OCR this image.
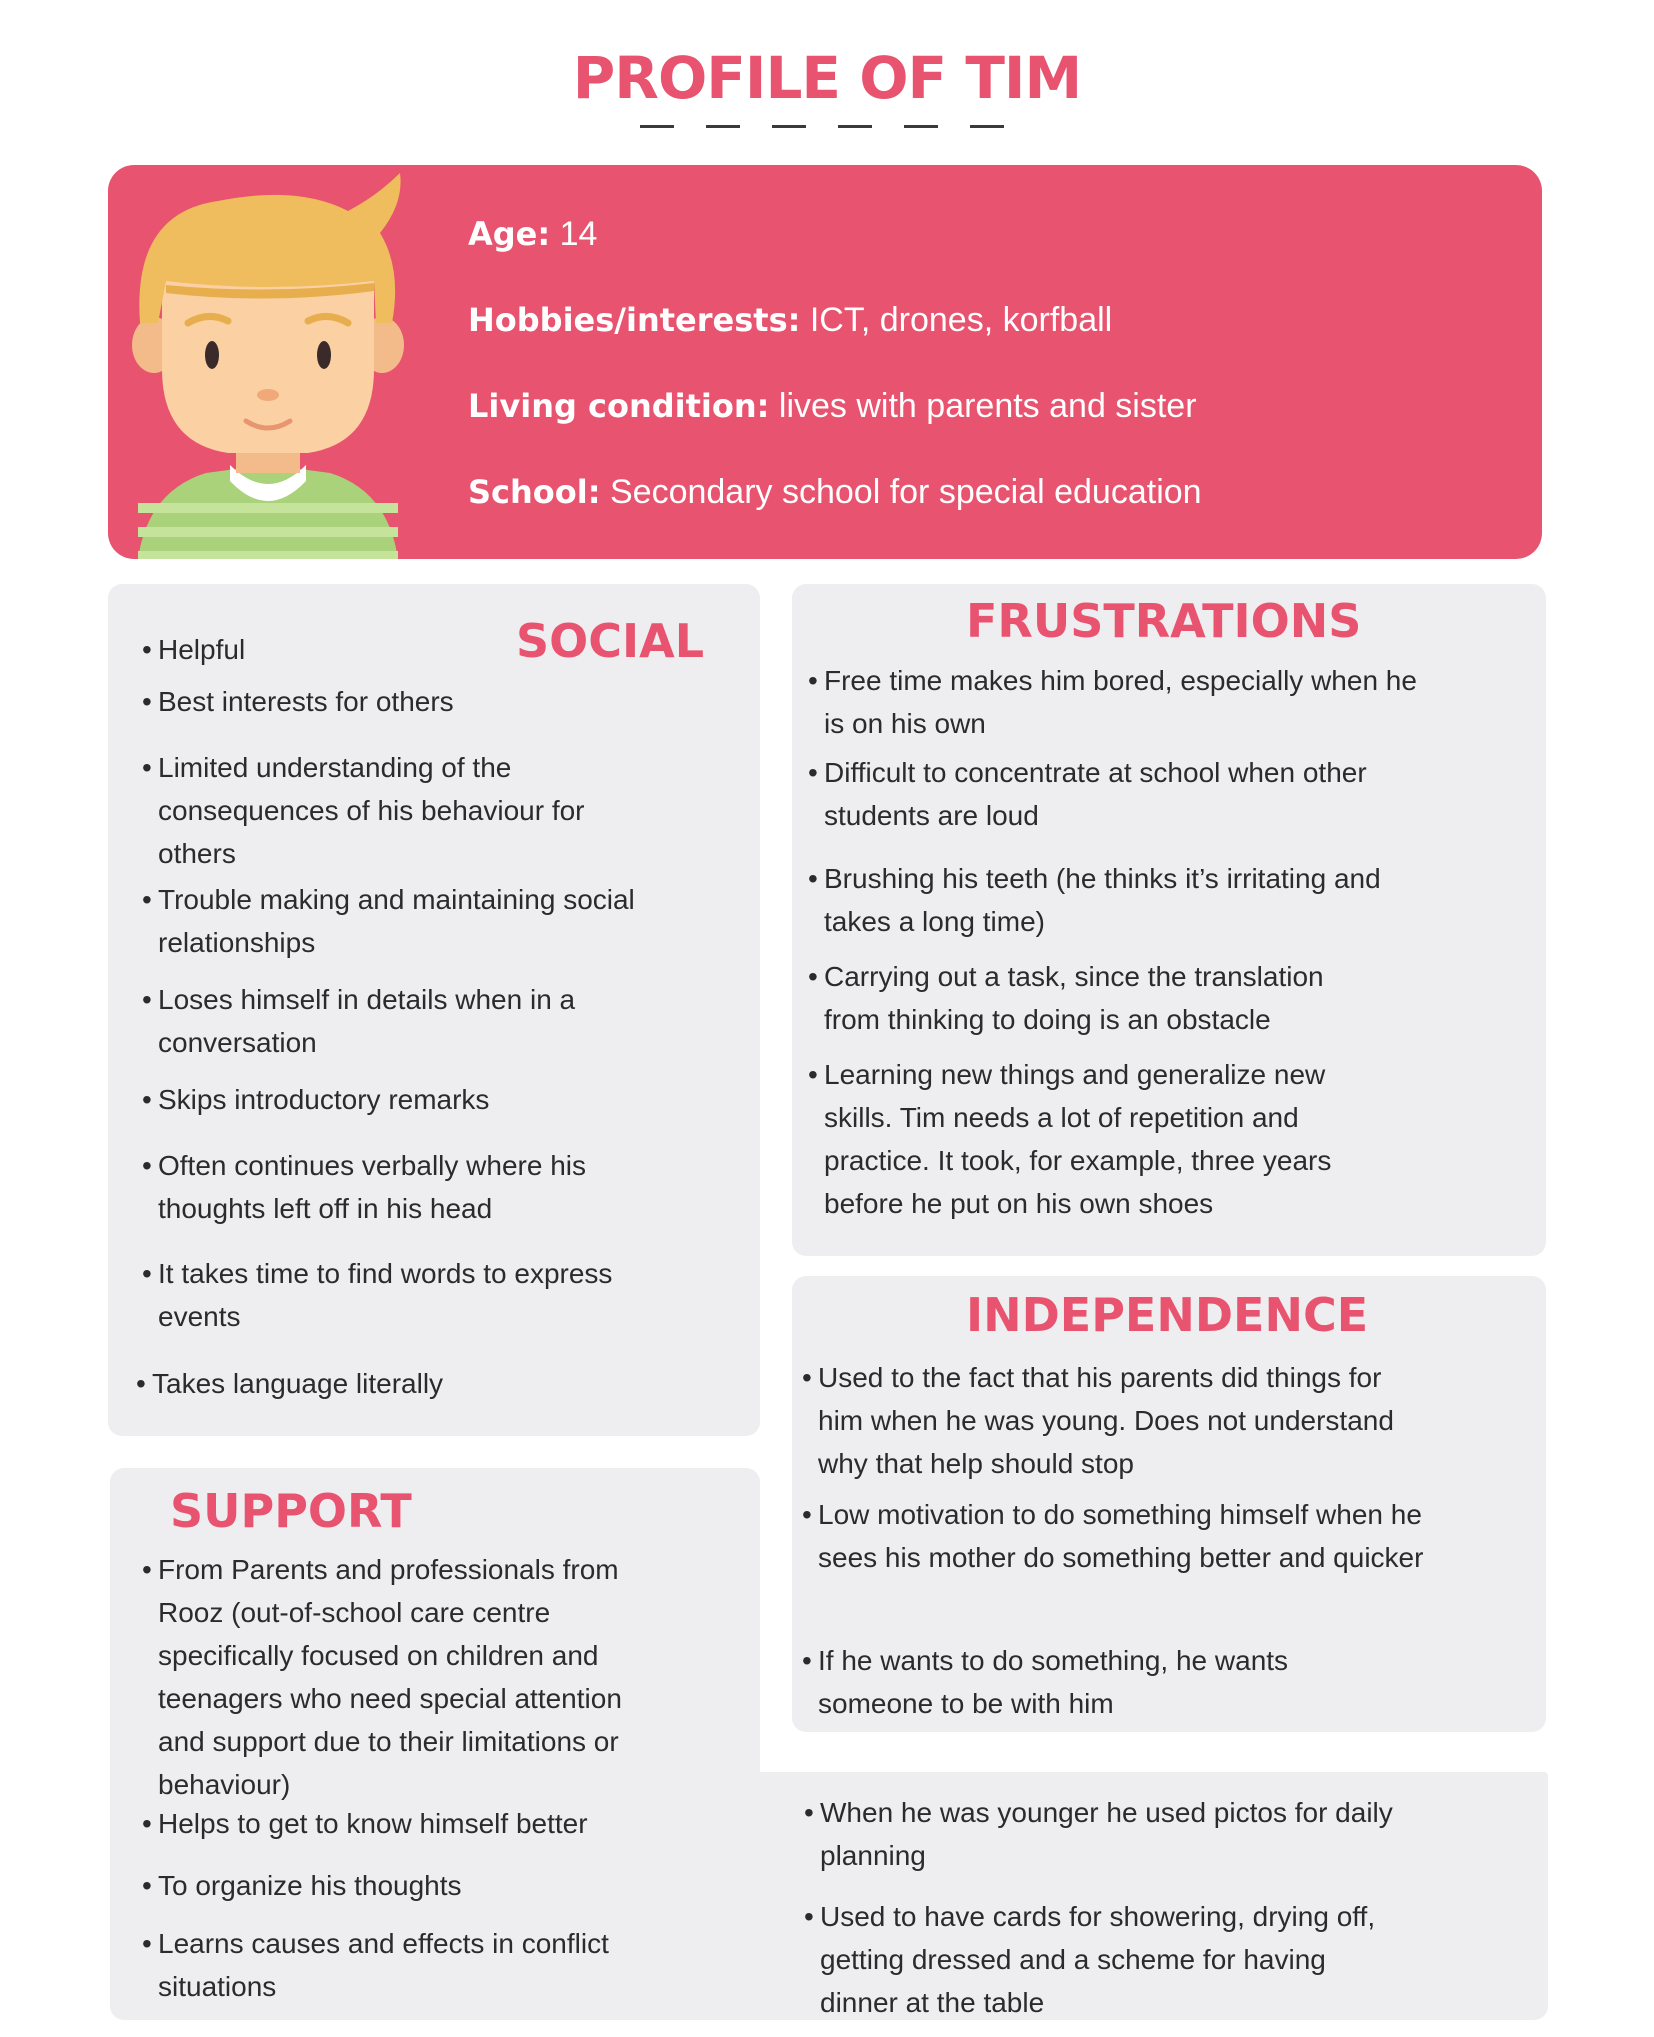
PROFILE OF TIM
Age: 14
Hobbies/interests: ICT, drones, korfball
Living condition: lives with parents and sister
School: Secondary school for special education
SOCIAL
• Helpful
• Best interests for others
• Limited understanding of the consequences of his behaviour for others
• Trouble making and maintaining social relationships
• Loses himself in details when in a conversation
• Skips introductory remarks
• Often continues verbally where his thoughts left off in his head
• It takes time to find words to express events
• Takes language literally
FRUSTRATIONS
• Free time makes him bored, especially when he is on his own
• Difficult to concentrate at school when other students are loud
• Brushing his teeth (he thinks it’s irritating and takes a long time)
• Carrying out a task, since the translation from thinking to doing is an obstacle
• Learning new things and generalize new skills. Tim needs a lot of repetition and practice. It took, for example, three years before he put on his own shoes
INDEPENDENCE
• Used to the fact that his parents did things for him when he was young. Does not understand why that help should stop
• Low motivation to do something himself when he sees his mother do something better and quicker
• If he wants to do something, he wants someone to be with him
SUPPORT
• From Parents and professionals from Rooz (out-of-school care centre specifically focused on children and teenagers who need special attention and support due to their limitations or behaviour)
• Helps to get to know himself better
• To organize his thoughts
• Learns causes and effects in conflict situations
• When he was younger he used pictos for daily planning
• Used to have cards for showering, drying off, getting dressed and a scheme for having dinner at the table
